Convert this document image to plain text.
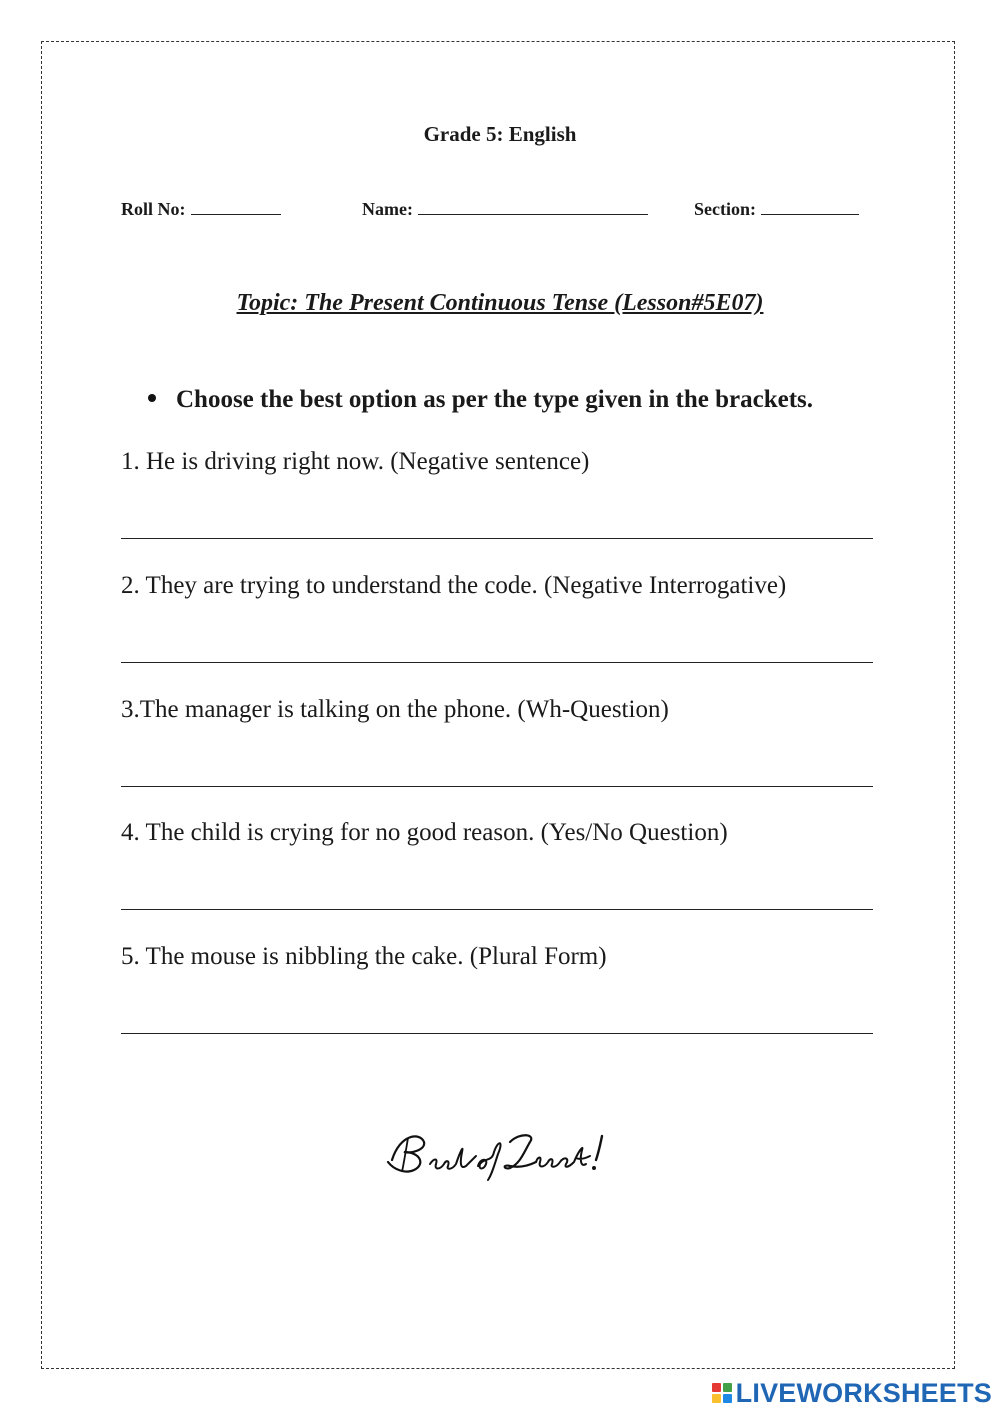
Grade 5: English
Roll No:	Name:	Section:
Topic: The Present Continuous Tense (Lesson#5E07)
Choose the best option as per the type given in the brackets.
1. He is driving right now. (Negative sentence)
2. They are trying to understand the code. (Negative Interrogative)
3.The manager is talking on the phone. (Wh-Question)
4. The child is crying for no good reason. (Yes/No Question)
5. The mouse is nibbling the cake. (Plural Form)
LIVEWORKSHEETS
